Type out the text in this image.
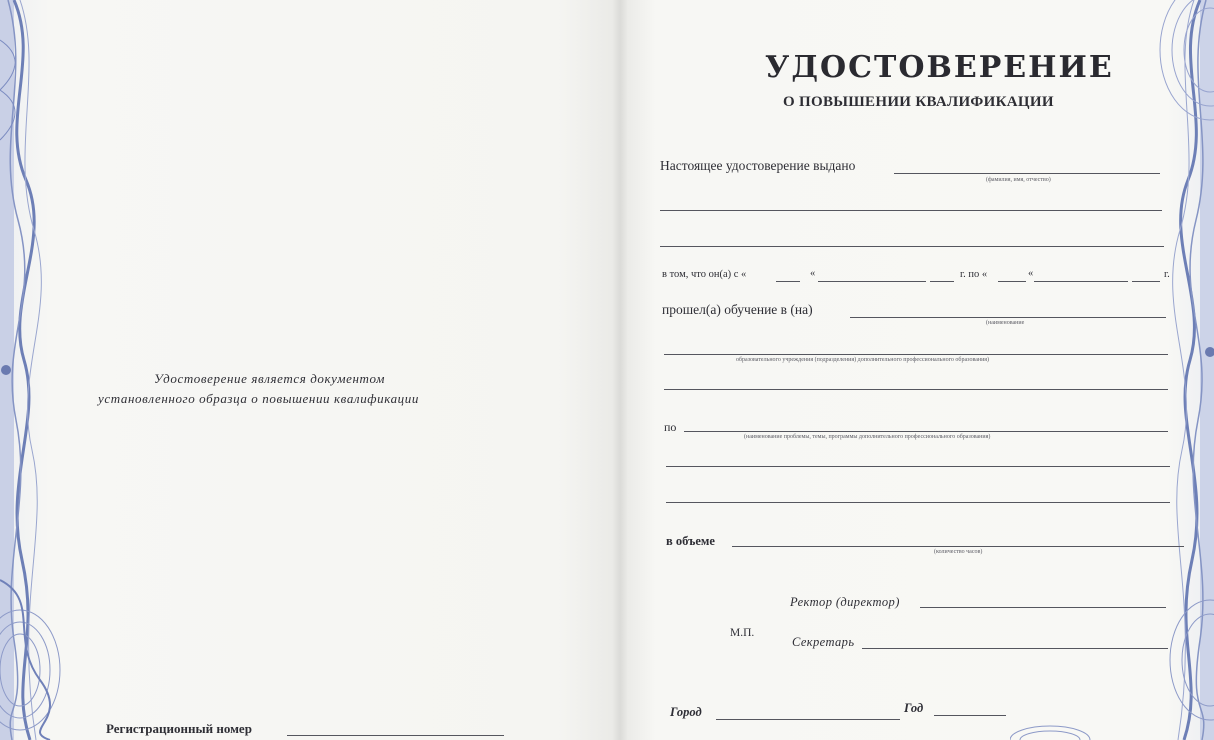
Удостоверение является документом
установленного образца о повышении квалификации
Регистрационный номер
УДОСТОВЕРЕНИЕ
О ПОВЫШЕНИИ КВАЛИФИКАЦИИ
Настоящее удостоверение выдано
(фамилия, имя, отчество)
в том, что он(а) с «	«	г. по «	«	г.
прошел(а) обучение в (на)
(наименование
образовательного учреждения (подразделения) дополнительного профессионального образования)
по
(наименование проблемы, темы, программы дополнительного профессионального образования)
в объеме
(количество часов)
Ректор (директор)
М.П.
Секретарь
Город	Год
